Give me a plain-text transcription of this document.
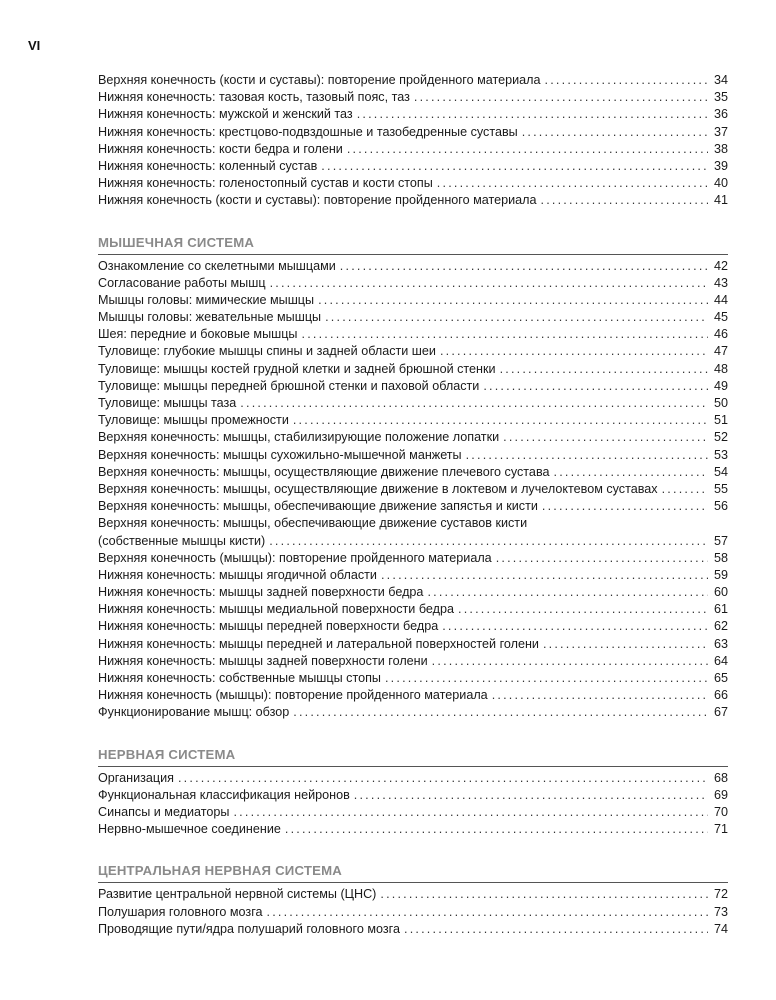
VI
Верхняя конечность (кости и суставы): повторение пройденного материала .....	34
Нижняя конечность: тазовая кость, тазовый пояс, таз .....	35
Нижняя конечность: мужской и женский таз .....	36
Нижняя конечность: крестцово-подвздошные и тазобедренные суставы .....	37
Нижняя конечность: кости бедра и голени .....	38
Нижняя конечность: коленный сустав .....	39
Нижняя конечность: голеностопный сустав и кости стопы .....	40
Нижняя конечность (кости и суставы): повторение пройденного материала .....	41
МЫШЕЧНАЯ СИСТЕМА
Ознакомление со скелетными мышцами .....	42
Согласование работы мышц .....	43
Мышцы головы: мимические мышцы .....	44
Мышцы головы: жевательные мышцы .....	45
Шея: передние и боковые мышцы .....	46
Туловище: глубокие мышцы спины и задней области шеи .....	47
Туловище: мышцы костей грудной клетки и задней брюшной стенки .....	48
Туловище: мышцы передней брюшной стенки и паховой области .....	49
Туловище: мышцы таза .....	50
Туловище: мышцы промежности .....	51
Верхняя конечность: мышцы, стабилизирующие положение лопатки .....	52
Верхняя конечность: мышцы сухожильно-мышечной манжеты .....	53
Верхняя конечность: мышцы, осуществляющие движение плечевого сустава .....	54
Верхняя конечность: мышцы, осуществляющие движение в локтевом и лучелоктевом суставах .....	55
Верхняя конечность: мышцы, обеспечивающие движение запястья и кисти .....	56
Верхняя конечность: мышцы, обеспечивающие движение суставов кисти
(собственные мышцы кисти) .....	57
Верхняя конечность (мышцы): повторение пройденного материала .....	58
Нижняя конечность: мышцы ягодичной области .....	59
Нижняя конечность: мышцы задней поверхности бедра .....	60
Нижняя конечность: мышцы медиальной поверхности бедра .....	61
Нижняя конечность: мышцы передней поверхности бедра .....	62
Нижняя конечность: мышцы передней и латеральной поверхностей голени .....	63
Нижняя конечность: мышцы задней поверхности голени .....	64
Нижняя конечность: собственные мышцы стопы .....	65
Нижняя конечность (мышцы): повторение пройденного материала .....	66
Функционирование мышц: обзор .....	67
НЕРВНАЯ СИСТЕМА
Организация .....	68
Функциональная классификация нейронов .....	69
Синапсы и медиаторы .....	70
Нервно-мышечное соединение .....	71
ЦЕНТРАЛЬНАЯ НЕРВНАЯ СИСТЕМА
Развитие центральной нервной системы (ЦНС) .....	72
Полушария головного мозга .....	73
Проводящие пути/ядра полушарий головного мозга .....	74
